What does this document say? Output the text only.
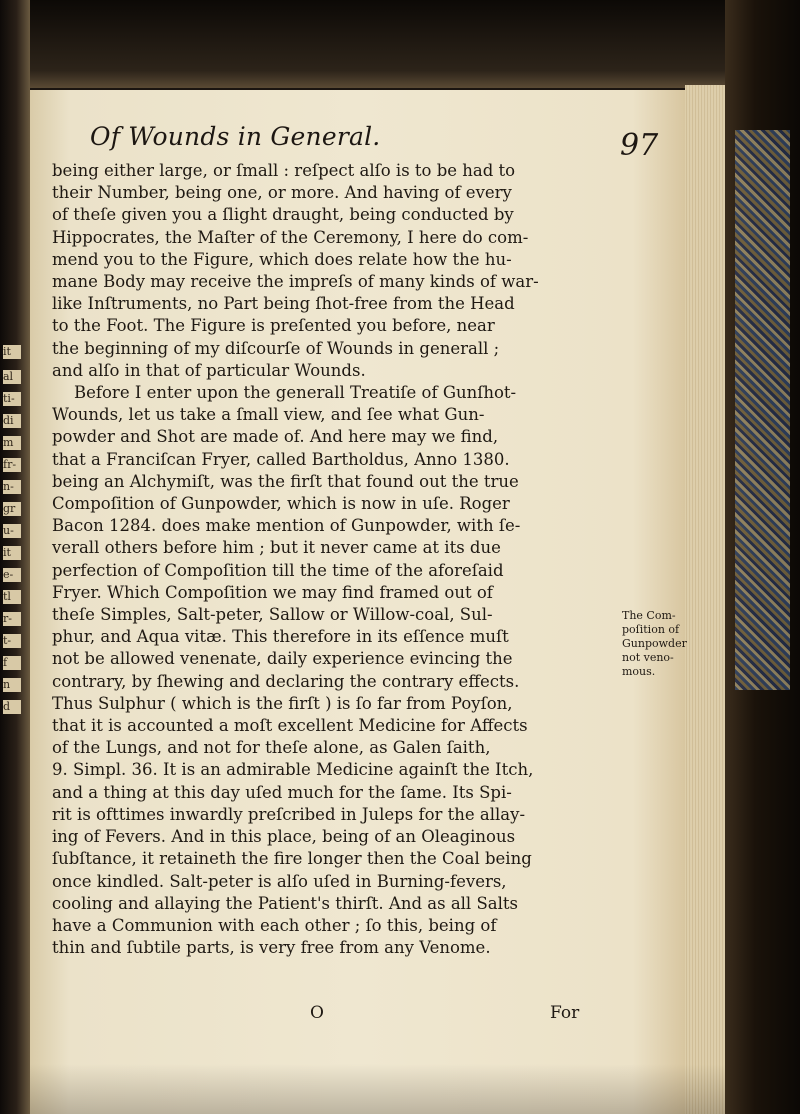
it
al
ti-
di
m
fr-
n-
gr
u-
it
e-
tl
r-
t-
f
n
d
Of Wounds in General.	97
being either large, or ſmall : reſpect alſo is to be had to
their Number, being one, or more. And having of every
of theſe given you a ſlight draught, being conducted by
Hippocrates, the Maſter of the Ceremony, I here do com-
mend you to the Figure, which does relate how the hu-
mane Body may receive the impreſs of many kinds of war-
like Inſtruments, no Part being ſhot-free from the Head
to the Foot. The Figure is preſented you before, near
the beginning of my diſcourſe of Wounds in generall ;
and alſo in that of particular Wounds.
Before I enter upon the generall Treatiſe of Gunſhot-
Wounds, let us take a ſmall view, and ſee what Gun-
powder and Shot are made of. And here may we find,
that a Franciſcan Fryer, called Bartholdus, Anno 1380.
being an Alchymiſt, was the firſt that found out the true
Compoſition of Gunpowder, which is now in uſe. Roger
Bacon 1284. does make mention of Gunpowder, with ſe-
verall others before him ; but it never came at its due
perfection of Compoſition till the time of the aforeſaid
Fryer. Which Compoſition we may find framed out of
theſe Simples, Salt-peter, Sallow or Willow-coal, Sul-
phur, and Aqua vitæ. This therefore in its eſſence muſt
not be allowed venenate, daily experience evincing the
contrary, by ſhewing and declaring the contrary effects.
Thus Sulphur ( which is the firſt ) is ſo far from Poyſon,
that it is accounted a moſt excellent Medicine for Affects
of the Lungs, and not for theſe alone, as Galen ſaith,
9. Simpl. 36. It is an admirable Medicine againſt the Itch,
and a thing at this day uſed much for the ſame. Its Spi-
rit is ofttimes inwardly preſcribed in Juleps for the allay-
ing of Fevers. And in this place, being of an Oleaginous
ſubſtance, it retaineth the fire longer then the Coal being
once kindled. Salt-peter is alſo uſed in Burning-fevers,
cooling and allaying the Patient's thirſt. And as all Salts
have a Communion with each other ; ſo this, being of
thin and ſubtile parts, is very free from any Venome.
The Com-
poſition of
Gunpowder
not veno-
mous.
O	For
